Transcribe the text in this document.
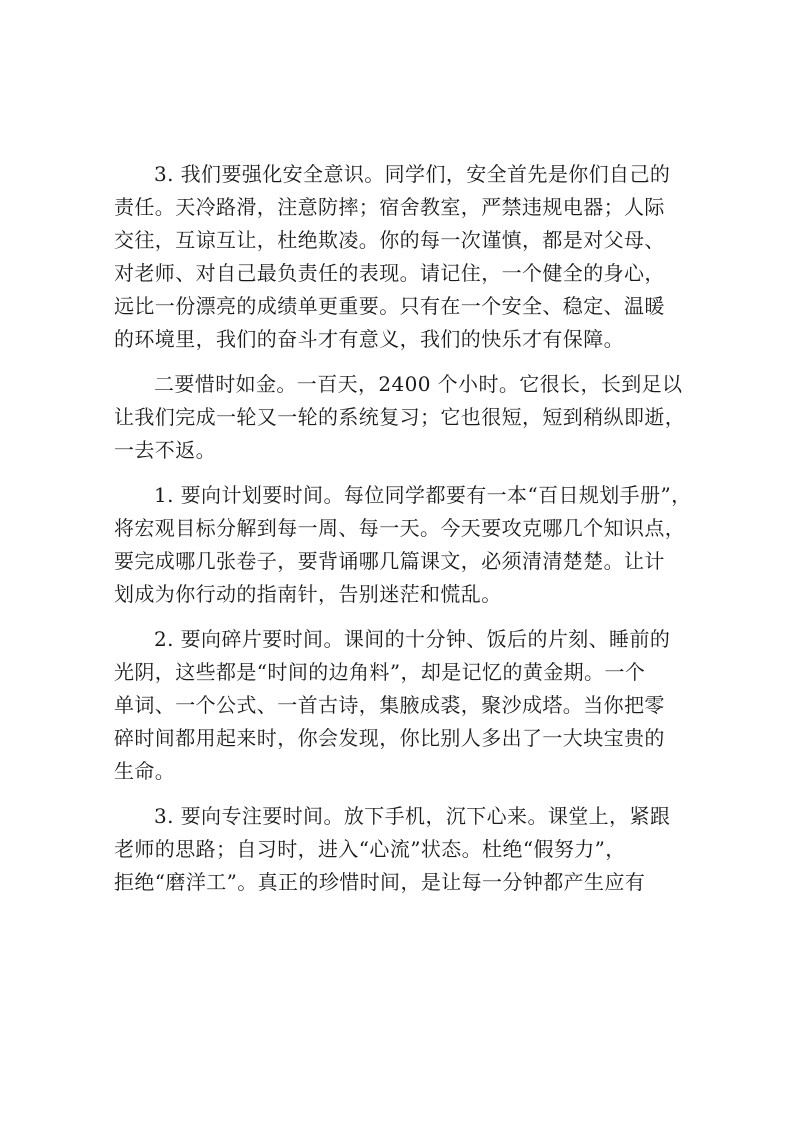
3. 我们要强化安全意识。同学们，安全首先是你们自己的
责任。天冷路滑，注意防摔；宿舍教室，严禁违规电器；人际
交往，互谅互让，杜绝欺凌。你的每一次谨慎，都是对父母、
对老师、对自己最负责任的表现。请记住，一个健全的身心，
远比一份漂亮的成绩单更重要。只有在一个安全、稳定、温暖
的环境里，我们的奋斗才有意义，我们的快乐才有保障。

二要惜时如金。一百天，2400 个小时。它很长，长到足以
让我们完成一轮又一轮的系统复习；它也很短，短到稍纵即逝，
一去不返。

1. 要向计划要时间。每位同学都要有一本“百日规划手册”，
将宏观目标分解到每一周、每一天。今天要攻克哪几个知识点，
要完成哪几张卷子，要背诵哪几篇课文，必须清清楚楚。让计
划成为你行动的指南针，告别迷茫和慌乱。

2. 要向碎片要时间。课间的十分钟、饭后的片刻、睡前的
光阴，这些都是“时间的边角料”，却是记忆的黄金期。一个
单词、一个公式、一首古诗，集腋成裘，聚沙成塔。当你把零
碎时间都用起来时，你会发现，你比别人多出了一大块宝贵的
生命。

3. 要向专注要时间。放下手机，沉下心来。课堂上，紧跟
老师的思路；自习时，进入“心流”状态。杜绝“假努力”，
拒绝“磨洋工”。真正的珍惜时间，是让每一分钟都产生应有
